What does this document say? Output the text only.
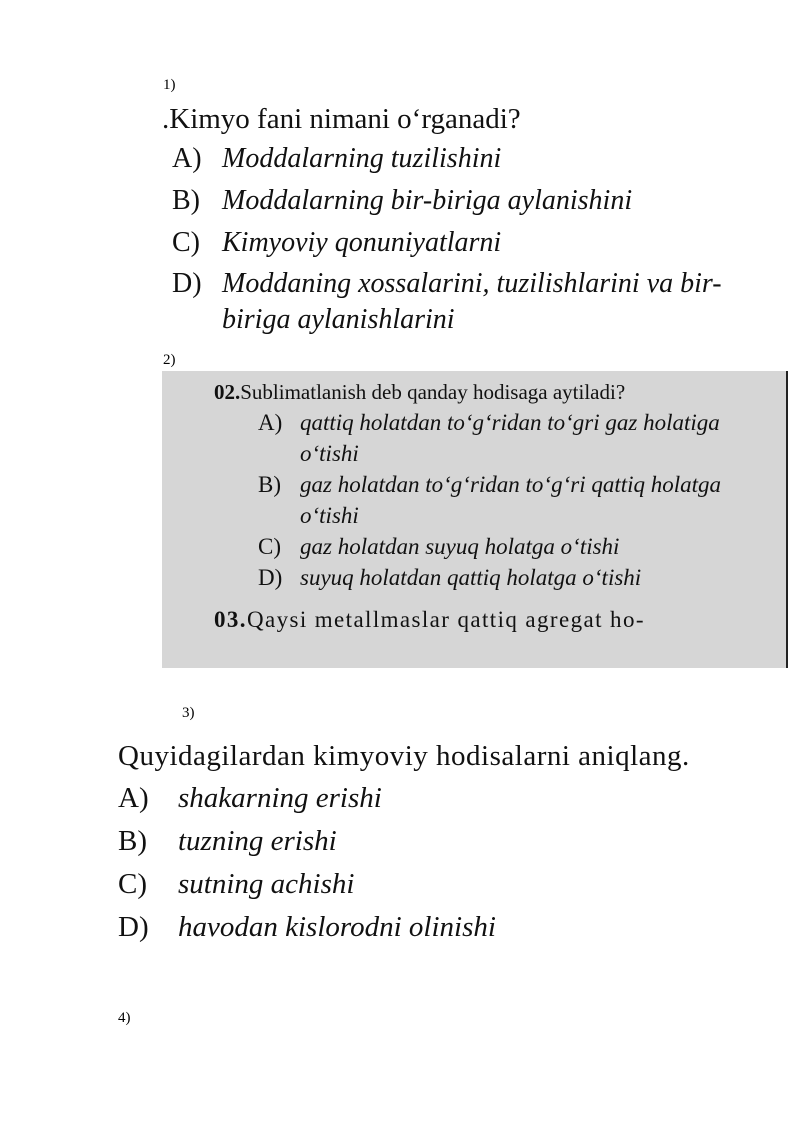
1)
.Kimyo fani nimani o‘rganadi?
A) Moddalarning tuzilishini
B) Moddalarning bir-biriga aylanishini
C) Kimyoviy qonuniyatlarni
D) Moddaning xossalarini, tuzilishlarini va bir-biriga aylanishlarini
2)
02.Sublimatlanish deb qanday hodisaga aytiladi?
A) qattiq holatdan to‘g‘ridan to‘gri gaz holatiga o‘tishi
B) gaz holatdan to‘g‘ridan to‘g‘ri qattiq holatga o‘tishi
C) gaz holatdan suyuq holatga o‘tishi
D) suyuq holatdan qattiq holatga o‘tishi
03.Qaysi metallmaslar qattiq agregat ho-
3)
Quyidagilardan kimyoviy hodisalarni aniqlang.
A)	shakarning erishi
B)	tuzning erishi
C)	sutning achishi
D)	havodan kislorodni olinishi
4)
